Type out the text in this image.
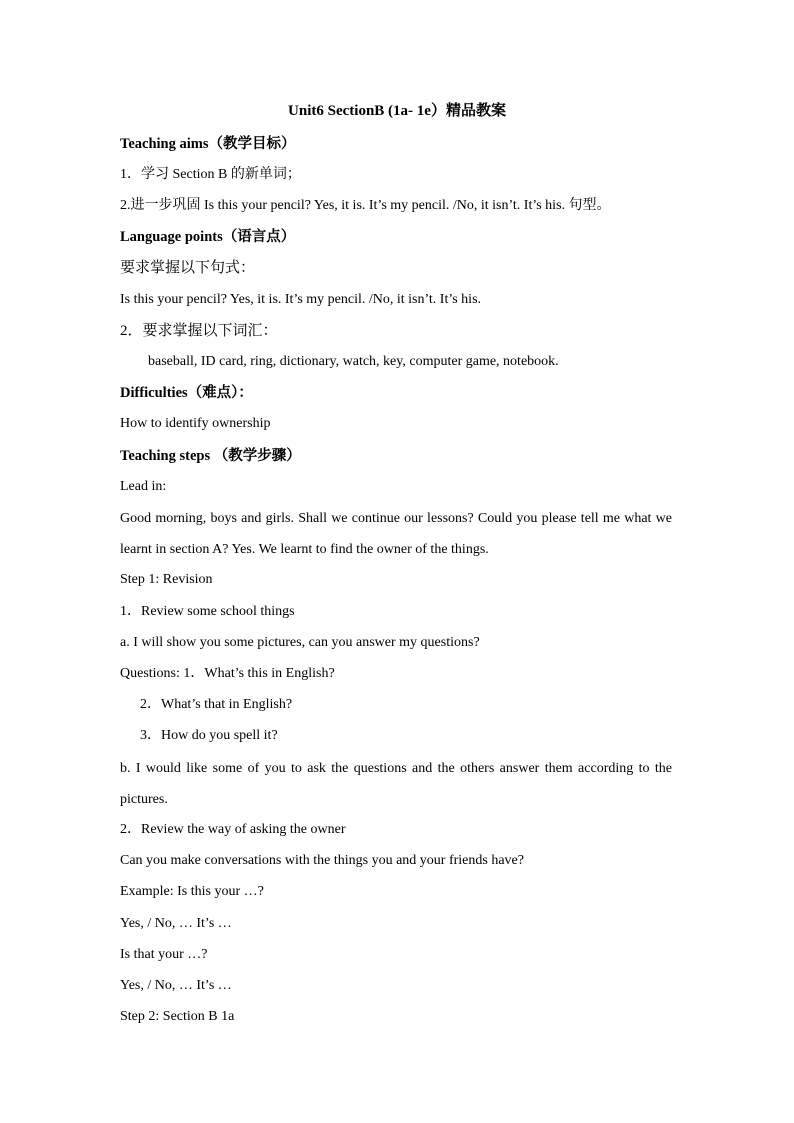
Unit6 SectionB (1a- 1e）精品教案
Teaching aims（教学目标）
1．学习 Section B 的新单词；
2.进一步巩固 Is this your pencil? Yes, it is. It’s my pencil. /No, it isn’t. It’s his. 句型。
Language points（语言点）
要求掌握以下句式：
Is this your pencil? Yes, it is. It’s my pencil. /No, it isn’t. It’s his.
2．要求掌握以下词汇：
baseball, ID card, ring, dictionary, watch, key, computer game, notebook.
Difficulties（难点）：
How to identify ownership
Teaching steps （教学步骤）
Lead in:
Good morning, boys and girls. Shall we continue our lessons? Could you please tell me what we learnt in section A? Yes. We learnt to find the owner of the things.
Step 1: Revision
1．Review some school things
a. I will show you some pictures, can you answer my questions?
Questions: 1．What’s this in English?
2．What’s that in English?
3．How do you spell it?
b. I would like some of you to ask the questions and the others answer them according to the pictures.
2．Review the way of asking the owner
Can you make conversations with the things you and your friends have?
Example: Is this your …?
Yes, / No, … It’s …
Is that your …?
Yes, / No, … It’s …
Step 2: Section B 1a
